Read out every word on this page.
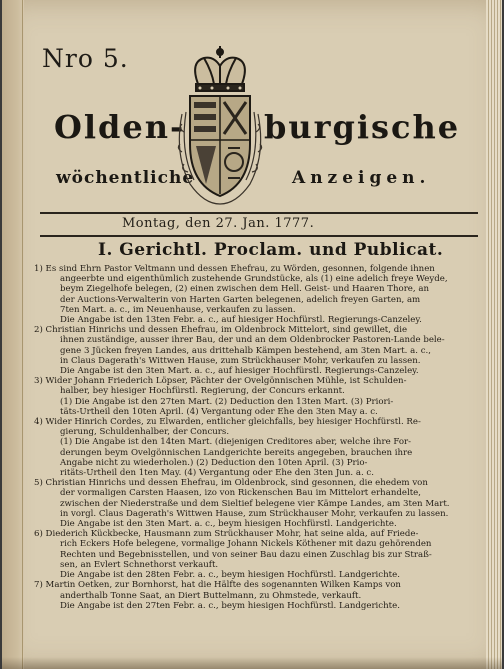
Nro 5.
Olden- burgische
wöchentliche	Anzeigen.
Montag, den 27. Jan. 1777.
I. Gerichtl. Proclam. und Publicat.
1) Es sind Ehrn Pastor Veltmann und dessen Ehefrau, zu Wörden, gesonnen, folgende ihnen
angeerbte und eigenthümlich zustehende Grundstücke, als (1) eine adelich freye Weyde,
beym Ziegelhofe belegen, (2) einen zwischen dem Hell. Geist- und Haaren Thore, an
der Auctions-Verwalterin von Harten Garten belegenen, adelich freyen Garten, am
7ten Mart. a. c., im Neuenhause, verkaufen zu lassen.
Die Angabe ist den 13ten Febr. a. c., auf hiesiger Hochfürstl. Regierungs-Canzeley.
2) Christian Hinrichs und dessen Ehefrau, im Oldenbrock Mittelort, sind gewillet, die
ihnen zuständige, ausser ihrer Bau, der und an dem Oldenbrocker Pastoren-Lande bele-
gene 3 Jücken freyen Landes, aus drittehalb Kämpen bestehend, am 3ten Mart. a. c.,
in Claus Dagerath's Wittwen Hause, zum Strückhauser Mohr, verkaufen zu lassen.
Die Angabe ist den 3ten Mart. a. c., auf hiesiger Hochfürstl. Regierungs-Canzeley.
3) Wider Johann Friederich Löpser, Pächter der Ovelgönnischen Mühle, ist Schulden-
halber, bey hiesiger Hochfürstl. Regierung, der Concurs erkannt.
(1) Die Angabe ist den 27ten Mart. (2) Deduction den 13ten Mart. (3) Priori-
täts-Urtheil den 10ten April. (4) Vergantung oder Ehe den 3ten May a. c.
4) Wider Hinrich Cordes, zu Elwarden, entlicher gleichfalls, bey hiesiger Hochfürstl. Re-
gierung, Schuldenhalber, der Concurs.
(1) Die Angabe ist den 14ten Mart. (diejenigen Creditores aber, welche ihre For-
derungen beym Ovelgönnischen Landgerichte bereits angegeben, brauchen ihre
Angabe nicht zu wiederholen.) (2) Deduction den 10ten April. (3) Prio-
ritäts-Urtheil den 1ten May. (4) Vergantung oder Ehe den 3ten Jun. a. c.
5) Christian Hinrichs und dessen Ehefrau, im Oldenbrock, sind gesonnen, die ehedem von
der vormaligen Carsten Haasen, izo von Rickenschen Bau im Mittelort erhandelte,
zwischen der Niederstraße und dem Sieltief belegene vier Kämpe Landes, am 3ten Mart.
in vorgl. Claus Dagerath's Wittwen Hause, zum Strückhauser Mohr, verkaufen zu lassen.
Die Angabe ist den 3ten Mart. a. c., beym hiesigen Hochfürstl. Landgerichte.
6) Diederich Kückbecke, Hausmann zum Strückhauser Mohr, hat seine alda, auf Friede-
rich Eckers Hofe belegene, vormalige Johann Nickels Köthener mit dazu gehörenden
Rechten und Begebnisstellen, und von seiner Bau dazu einen Zuschlag bis zur Straß-
sen, an Evlert Schnethorst verkauft.
Die Angabe ist den 28ten Febr. a. c., beym hiesigen Hochfürstl. Landgerichte.
7) Martin Oetken, zur Bornhorst, hat die Hälfte des sogenannten Wilken Kamps von
anderthalb Tonne Saat, an Diert Buttelmann, zu Ohmstede, verkauft.
Die Angabe ist den 27ten Febr. a. c., beym hiesigen Hochfürstl. Landgerichte.
